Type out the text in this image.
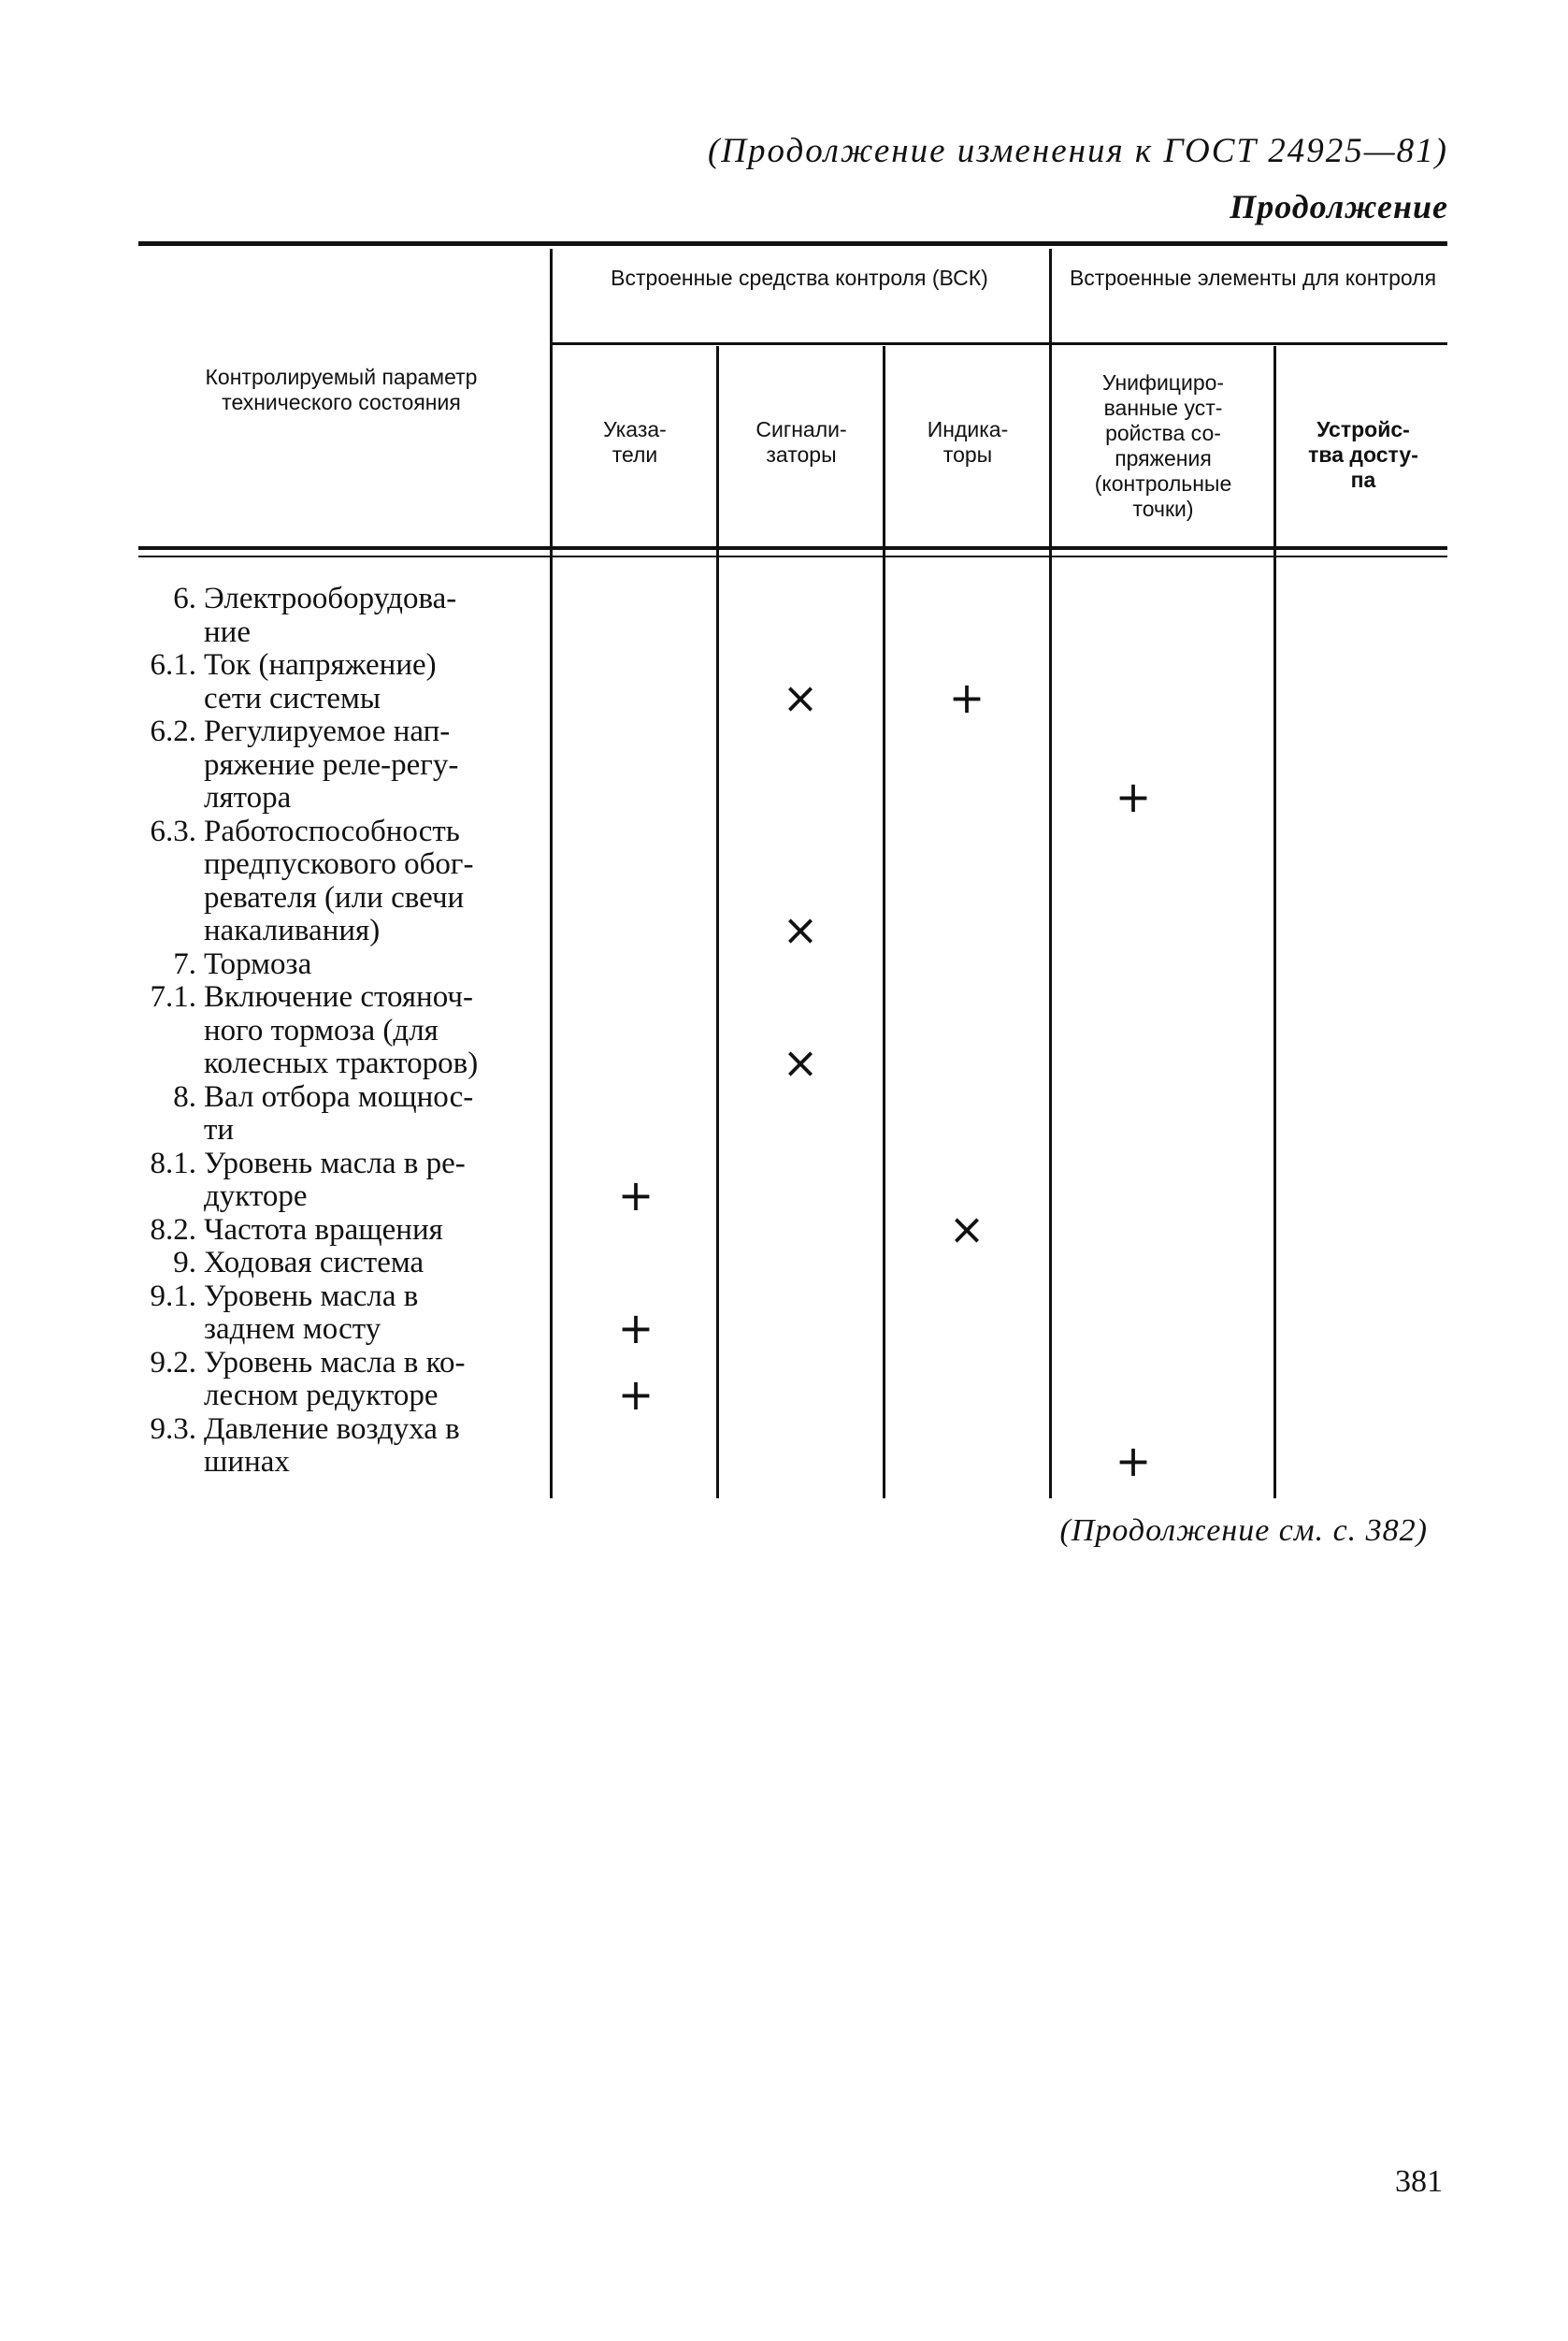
(Продолжение изменения к ГОСТ 24925—81)
Продолжение
Контролируемый параметр технического состояния
Встроенные средства контроля (ВСК)	Встроенные элементы для контроля
Указа-
тели
Сигнали-
заторы
Индика-
торы
Унифициро-
ванные уст-
ройства со-
пряжения
(контрольные
точки)
Устройс-
тва досту-
па
6. Электрооборудова-
ние
6.1. Ток (напряжение)
сети системы
6.2. Регулируемое нап-
ряжение реле-регу-
лятора
6.3. Работоспособность
предпускового обог-
ревателя (или свечи
накаливания)
7. Тормоза
7.1. Включение стояноч-
ного тормоза (для
колесных тракторов)
8. Вал отбора мощнос-
ти
8.1. Уровень масла в ре-
дукторе
8.2. Частота вращения
9. Ходовая система
9.1. Уровень масла в
заднем мосту
9.2. Уровень масла в ко-
лесном редукторе
9.3. Давление воздуха в
шинах
×	+
+
×
×
+
×
+
+
+
(Продолжение см. с. 382)
381
